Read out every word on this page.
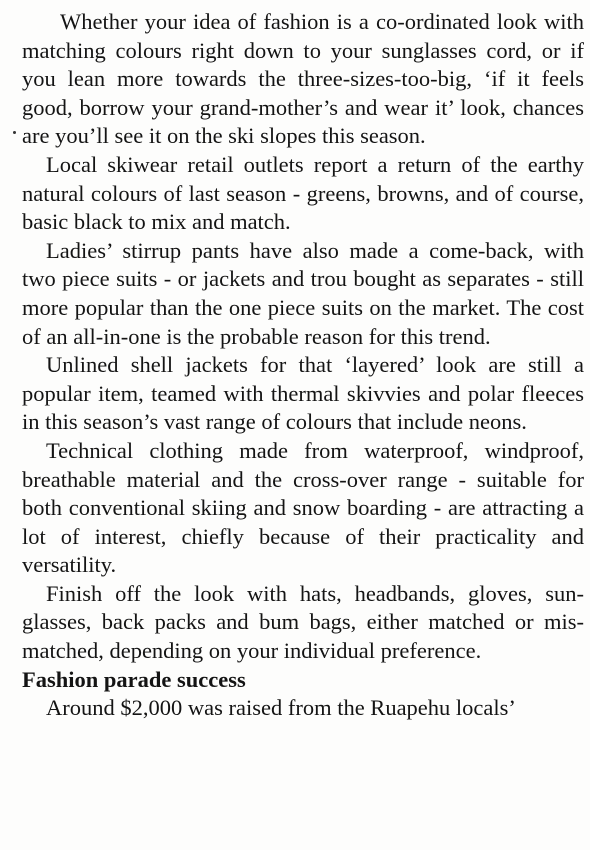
Whether your idea of fashion is a co-ordinated look with matching colours right down to your sunglasses cord, or if you lean more towards the three-sizes-too-big, ‘if it feels good, borrow your grand-mother’s and wear it’ look, chances are you’ll see it on the ski slopes this season.

Local skiwear retail outlets report a return of the earthy natural colours of last season - greens, browns, and of course, basic black to mix and match.

Ladies’ stirrup pants have also made a come-back, with two piece suits - or jackets and trou bought as separates - still more popular than the one piece suits on the market. The cost of an all-in-one is the probable reason for this trend.

Unlined shell jackets for that ‘layered’ look are still a popular item, teamed with thermal skivvies and polar fleeces in this season’s vast range of colours that include neons.

Technical clothing made from waterproof, windproof, breathable material and the cross-over range - suitable for both conventional skiing and snow boarding - are attracting a lot of interest, chiefly because of their practicality and versatility.

Finish off the look with hats, headbands, gloves, sunglasses, back packs and bum bags, either matched or mismatched, depending on your individual preference.

Fashion parade success

Around $2,000 was raised from the Ruapehu locals’
